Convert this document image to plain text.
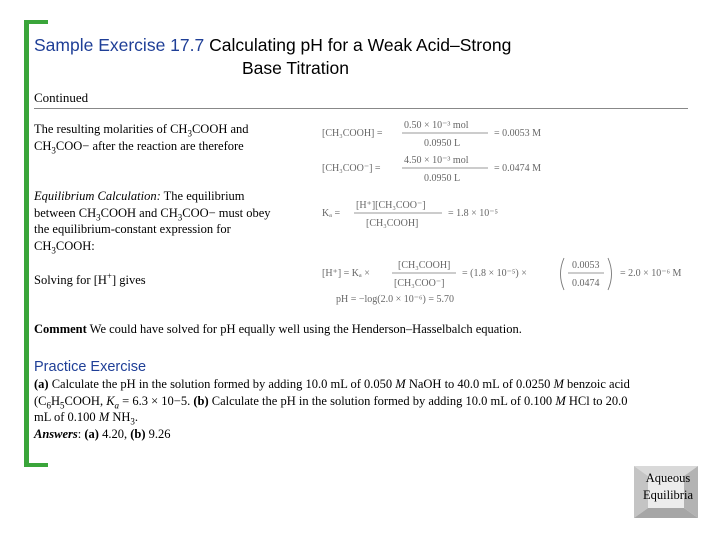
Sample Exercise 17.7 Calculating pH for a Weak Acid–Strong
Base Titration
Continued
The resulting molarities of $CH_3COOH$ and $CH_3COO-$ after the reaction are therefore
Equilibrium Calculation: The equilibrium between $CH_3COOH$ and $CH_3COO-$ must obey the equilibrium-constant expression for $CH_3COOH$:
Solving for [H+] gives
[CH₃COOH] =
0.50 × 10⁻³ mol
0.0950 L
= 0.0053 M
[CH₃COO⁻] =
4.50 × 10⁻³ mol
0.0950 L
= 0.0474 M
Kₐ =
[H⁺][CH₃COO⁻]
[CH₃COOH]
= 1.8 × 10⁻⁵
[H⁺] = Kₐ ×
[CH₃COOH]
[CH₃COO⁻]
= (1.8 × 10⁻⁵) ×
0.0053
0.0474
= 2.0 × 10⁻⁶ M
pH = −log(2.0 × 10⁻⁶) = 5.70
Comment We could have solved for pH equally well using the Henderson–Hasselbalch equation.
Practice Exercise
(a) Calculate the pH in the solution formed by adding 10.0 mL of 0.050 M NaOH to 40.0 mL of 0.0250 M benzoic acid ($C_6H_5COOH$, $K_a = 6.3 \times 10-5$. (b) Calculate the pH in the solution formed by adding 10.0 mL of 0.100 M HCl to 20.0 mL of 0.100 M $NH_3$.
Answers: (a) 4.20, (b) 9.26
Aqueous
Equilibria
